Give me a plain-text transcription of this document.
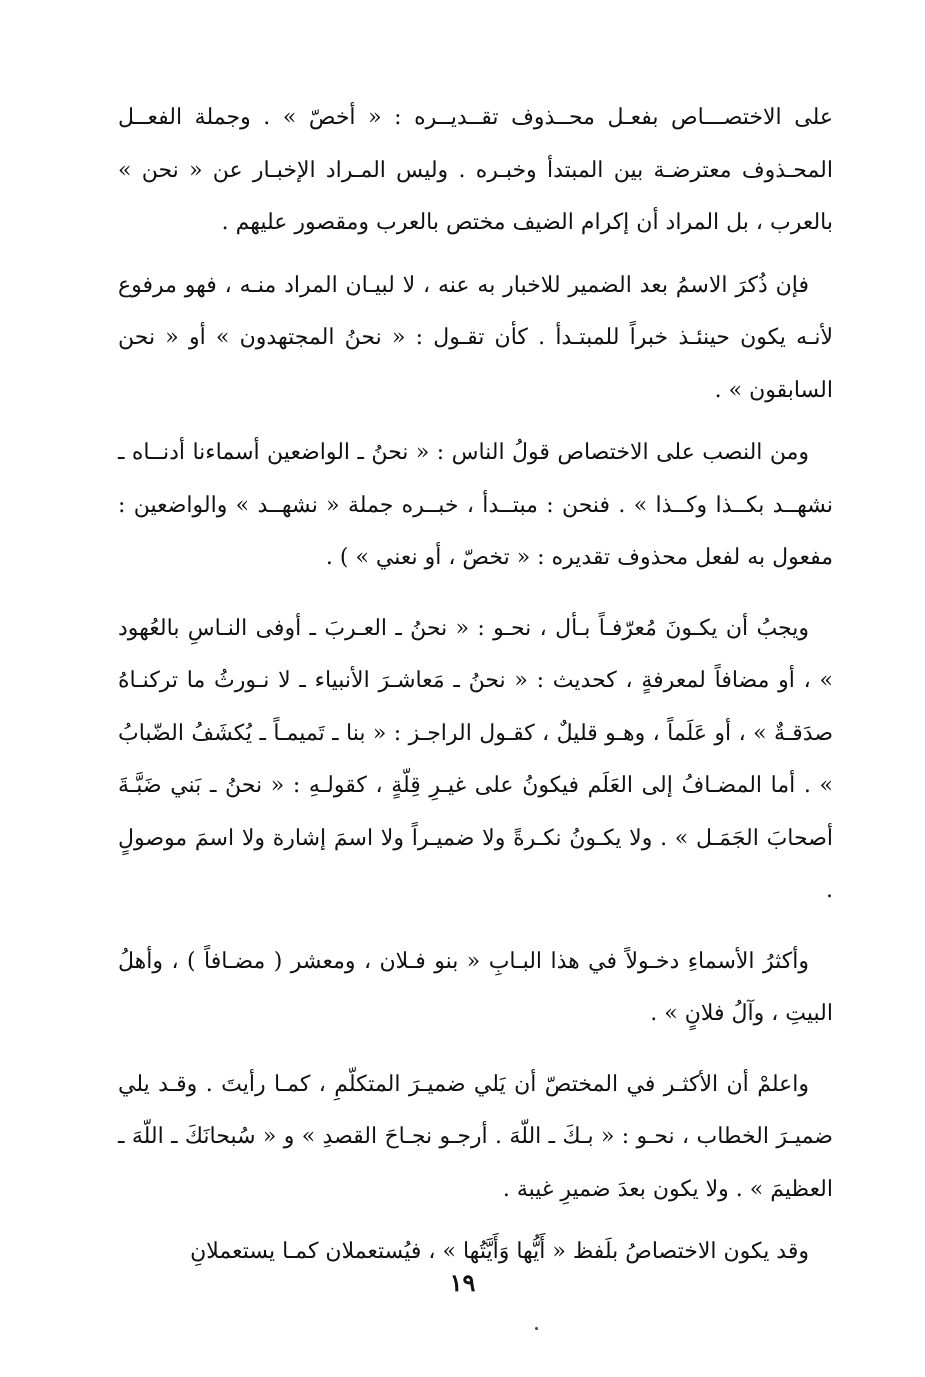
على الاختصـــاص بفعـل محــذوف تقــديــره : « أخصّ » . وجملة الفعــل المحـذوف معترضـة بين المبتدأ وخبـره . وليس المـراد الإخبـار عن « نحن » بالعرب ، بل المراد أن إكرام الضيف مختص بالعرب ومقصور عليهم .

فإن ذُكرَ الاسمُ بعد الضمير للاخبار به عنه ، لا لبيـان المراد منـه ، فهو مرفوع لأنـه يكون حينئـذ خبراً للمبتـدأ . كأن تقـول : « نحنُ المجتهدون » أو « نحن السابقون » .

ومن النصب على الاختصاص قولُ الناس : « نحنُ ـ الواضعين أسماءنا أدنــاه ـ نشهــد بكــذا وكــذا » . فنحن : مبتــدأ ، خبــره جملة « نشهــد » والواضعين : مفعول به لفعل محذوف تقديره : « تخصّ ، أو نعني » ) .

ويجبُ أن يكـونَ مُعرّفـاً بـأل ، نحـو : « نحنُ ـ العـربَ ـ أوفى النـاسِ بالعُهود » ، أو مضافاً لمعرفةٍ ، كحديث : « نحنُ ـ مَعاشـرَ الأنبياء ـ لا نـورثُ ما تركنـاهُ صدَقـةٌ » ، أو عَلَماً ، وهـو قليلٌ ، كقـول الراجـز : « بنا ـ تَميمـاً ـ يُكشَفُ الضّبابُ » . أما المضـافُ إلى العَلَم فيكونُ على غيـرِ قِلّةٍ ، كقولـهِ : « نحنُ ـ بَني ضَبَّـةَ أصحابَ الجَمَـل » . ولا يكـونُ نكـرةً ولا ضميـراً ولا اسمَ إشارة ولا اسمَ موصولٍ .

وأكثرُ الأسماءِ دخـولاً في هذا البـابِ « بنو فـلان ، ومعشر ( مضـافاً ) ، وأهلُ البيتِ ، وآلُ فلانٍ » .

واعلمْ أن الأكثـر في المختصّ أن يَلي ضميـرَ المتكلّمِ ، كمـا رأيتَ . وقـد يلي ضميـرَ الخطاب ، نحـو : « بـكَ ـ اللّهَ . أرجـو نجـاحَ القصدِ » و « سُبحانَكَ ـ اللّهَ ـ العظيمَ » . ولا يكون بعدَ ضميرِ غيبة .

وقد يكون الاختصاصُ بلَفظ « أَيُّها وَأَيَّتُها » ، فيُستعملان كمـا يستعملانِ

١٩
